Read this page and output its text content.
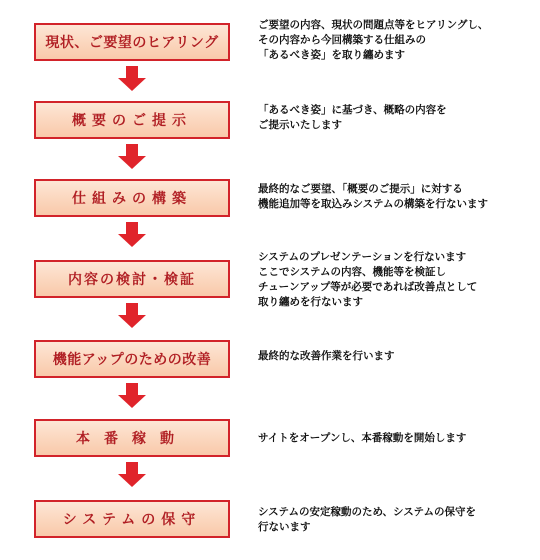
現状、ご要望のヒアリング
ご要望の内容、現状の問題点等をヒアリングし、
その内容から今回構築する仕組みの
「あるべき姿」を取り纏めます
概要のご提示
「あるべき姿」に基づき、概略の内容を
ご提示いたします
仕組みの構築
最終的なご要望、「概要のご提示」に対する
機能追加等を取込みシステムの構築を行ないます
内容の検討・検証
システムのプレゼンテーションを行ないます
ここでシステムの内容、機能等を検証し
チューンアップ等が必要であれば改善点として
取り纏めを行ないます
機能アップのための改善	最終的な改善作業を行います
本番稼動	サイトをオープンし、本番稼動を開始します
システムの保守	システムの安定稼動のため、システムの保守を
行ないます
